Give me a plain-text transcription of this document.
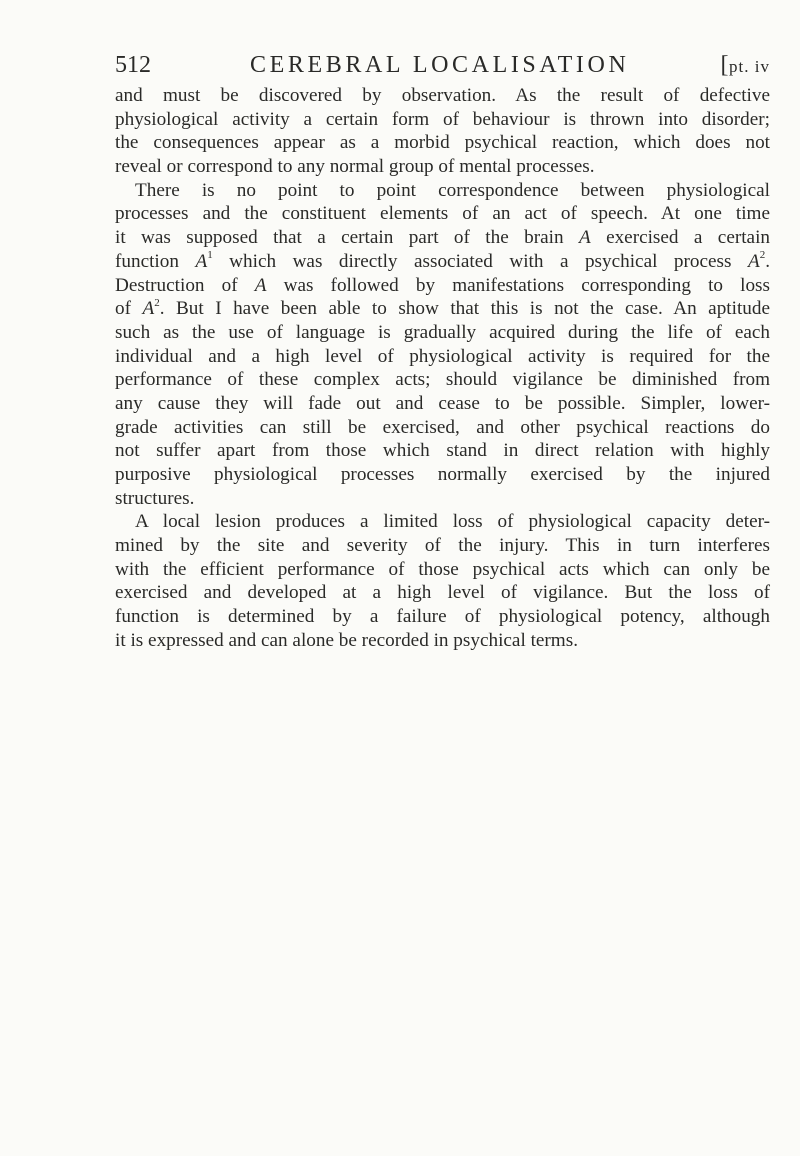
512	CEREBRAL LOCALISATION	[pt. iv
and must be discovered by observation. As the result of defective
physiological activity a certain form of behaviour is thrown into disorder;
the consequences appear as a morbid psychical reaction, which does not
reveal or correspond to any normal group of mental processes.
There is no point to point correspondence between physiological
processes and the constituent elements of an act of speech. At one time
it was supposed that a certain part of the brain A exercised a certain
function $A^1$ which was directly associated with a psychical process $A^2$.
Destruction of A was followed by manifestations corresponding to loss
of $A^2$. But I have been able to show that this is not the case. An aptitude
such as the use of language is gradually acquired during the life of each
individual and a high level of physiological activity is required for the
performance of these complex acts; should vigilance be diminished from
any cause they will fade out and cease to be possible. Simpler, lower-
grade activities can still be exercised, and other psychical reactions do
not suffer apart from those which stand in direct relation with highly
purposive physiological processes normally exercised by the injured
structures.
A local lesion produces a limited loss of physiological capacity deter-
mined by the site and severity of the injury. This in turn interferes
with the efficient performance of those psychical acts which can only be
exercised and developed at a high level of vigilance. But the loss of
function is determined by a failure of physiological potency, although
it is expressed and can alone be recorded in psychical terms.
